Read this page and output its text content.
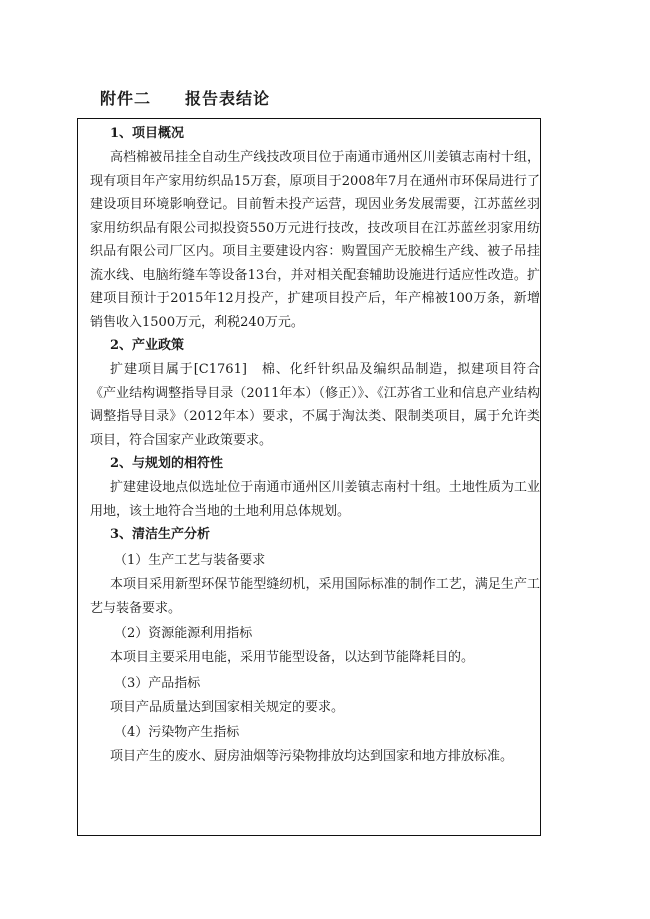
附件二 报告表结论

1、项目概况

高档棉被吊挂全自动生产线技改项目位于南通市通州区川姜镇志南村十组，现有项目年产家用纺织品15万套，原项目于2008年7月在通州市环保局进行了建设项目环境影响登记。目前暂未投产运营，现因业务发展需要，江苏蓝丝羽家用纺织品有限公司拟投资550万元进行技改，技改项目在江苏蓝丝羽家用纺织品有限公司厂区内。项目主要建设内容：购置国产无胶棉生产线、被子吊挂流水线、电脑绗缝车等设备13台，并对相关配套辅助设施进行适应性改造。扩建项目预计于2015年12月投产，扩建项目投产后，年产棉被100万条，新增销售收入1500万元，利税240万元。

2、产业政策

扩建项目属于[C1761]　棉、化纤针织品及编织品制造，拟建项目符合《产业结构调整指导目录（2011年本）（修正）》、《江苏省工业和信息产业结构调整指导目录》（2012年本）要求，不属于淘汰类、限制类项目，属于允许类项目，符合国家产业政策要求。

2、与规划的相符性

扩建建设地点似选址位于南通市通州区川姜镇志南村十组。土地性质为工业用地，该土地符合当地的土地利用总体规划。

3、清洁生产分析

（1）生产工艺与装备要求

本项目采用新型环保节能型缝纫机，采用国际标准的制作工艺，满足生产工艺与装备要求。

（2）资源能源利用指标

本项目主要采用电能，采用节能型设备，以达到节能降耗目的。

（3）产品指标

项目产品质量达到国家相关规定的要求。

（4）污染物产生指标

项目产生的废水、厨房油烟等污染物排放均达到国家和地方排放标准。
